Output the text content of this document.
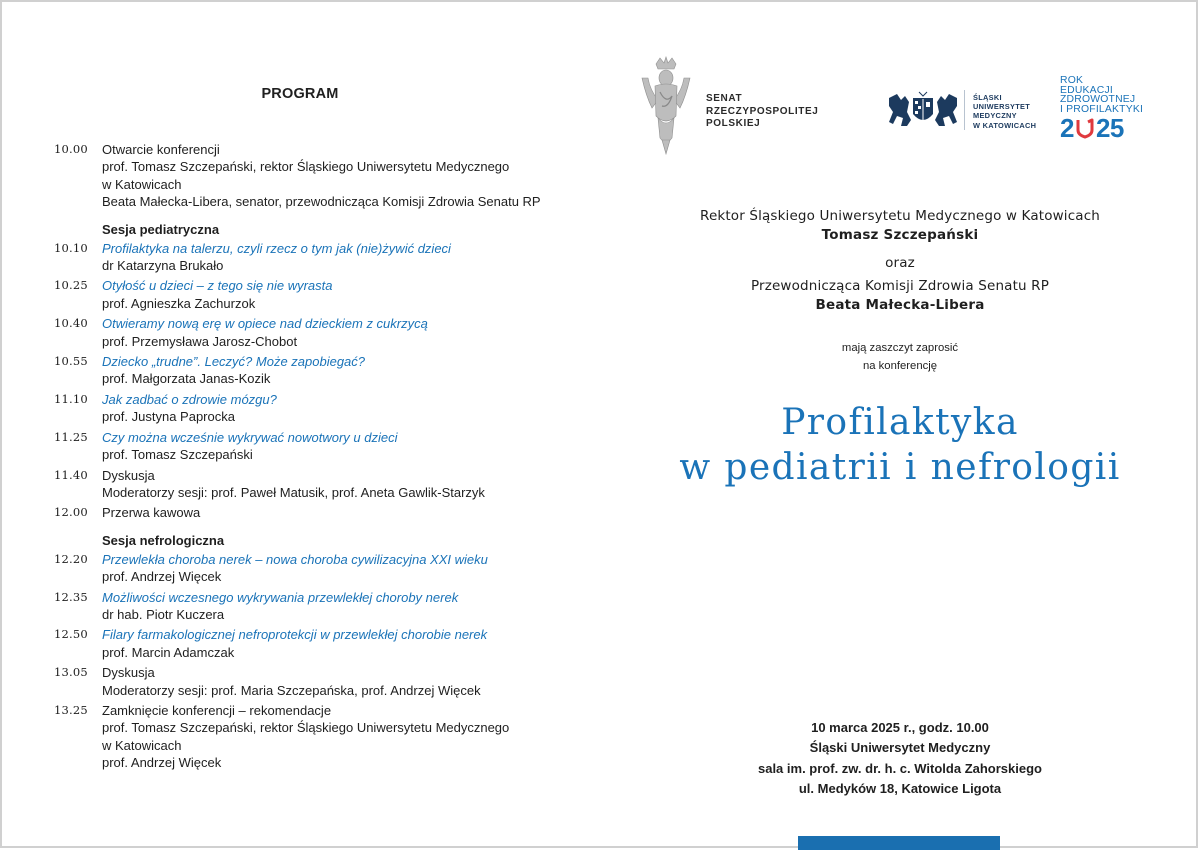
PROGRAM
10.00	Otwarcie konferencji
prof. Tomasz Szczepański, rektor Śląskiego Uniwersytetu Medycznego
w Katowicach
Beata Małecka-Libera, senator, przewodnicząca Komisji Zdrowia Senatu RP
Sesja pediatryczna
10.10	Profilaktyka na talerzu, czyli rzecz o tym jak (nie)żywić dzieci
dr Katarzyna Brukało
10.25	Otyłość u dzieci – z tego się nie wyrasta
prof. Agnieszka Zachurzok
10.40	Otwieramy nową erę w opiece nad dzieckiem z cukrzycą
prof. Przemysława Jarosz-Chobot
10.55	Dziecko „trudne”. Leczyć? Może zapobiegać?
prof. Małgorzata Janas-Kozik
11.10	Jak zadbać o zdrowie mózgu?
prof. Justyna Paprocka
11.25	Czy można wcześnie wykrywać nowotwory u dzieci
prof. Tomasz Szczepański
11.40	Dyskusja
Moderatorzy sesji: prof. Paweł Matusik, prof. Aneta Gawlik-Starzyk
12.00	Przerwa kawowa
Sesja nefrologiczna
12.20	Przewlekła choroba nerek – nowa choroba cywilizacyjna XXI wieku
prof. Andrzej Więcek
12.35	Możliwości wczesnego wykrywania przewlekłej choroby nerek
dr hab. Piotr Kuczera
12.50	Filary farmakologicznej nefroprotekcji w przewlekłej chorobie nerek
prof. Marcin Adamczak
13.05	Dyskusja
Moderatorzy sesji: prof. Maria Szczepańska, prof. Andrzej Więcek
13.25	Zamknięcie konferencji – rekomendacje
prof. Tomasz Szczepański, rektor Śląskiego Uniwersytetu Medycznego
w Katowicach
prof. Andrzej Więcek
SENAT
RZECZYPOSPOLITEJ
POLSKIEJ
ŚLĄSKI
UNIWERSYTET
MEDYCZNY
W KATOWICACH
ROK
EDUKACJI
ZDROWOTNEJ
I PROFILAKTYKI
2 25
Rektor Śląskiego Uniwersytetu Medycznego w Katowicach
Tomasz Szczepański
oraz
Przewodnicząca Komisji Zdrowia Senatu RP
Beata Małecka-Libera
mają zaszczyt zaprosić
na konferencję
Profilaktyka
w pediatrii i nefrologii
10 marca 2025 r., godz. 10.00
Śląski Uniwersytet Medyczny
sala im. prof. zw. dr. h. c. Witolda Zahorskiego
ul. Medyków 18, Katowice Ligota
